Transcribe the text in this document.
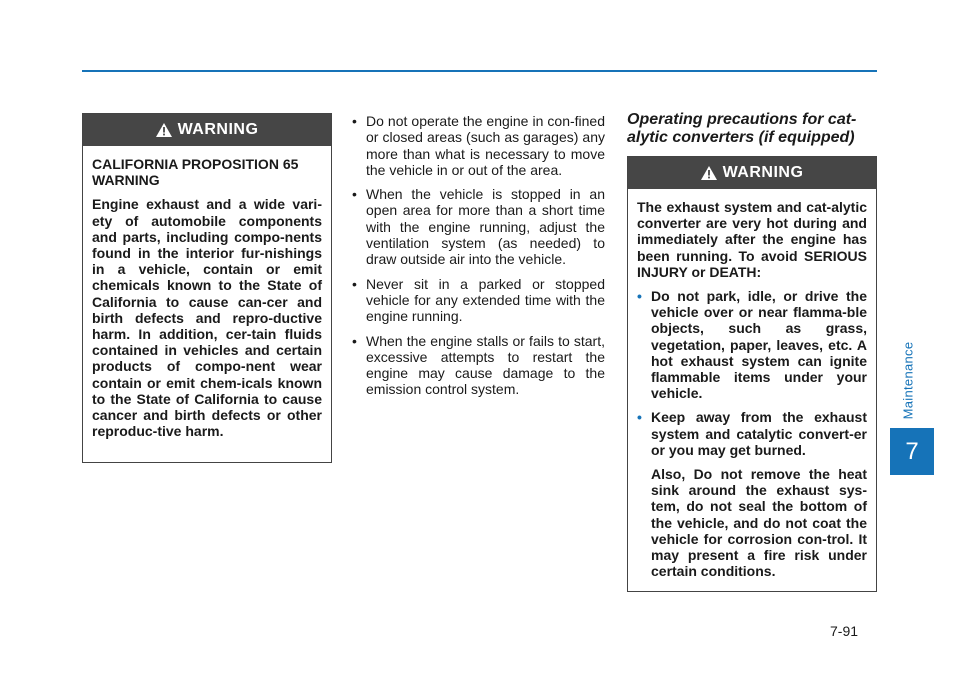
Maintenance
7
WARNING

CALIFORNIA PROPOSITION 65 WARNING

Engine exhaust and a wide vari-ety of automobile components and parts, including compo-nents found in the interior fur-nishings in a vehicle, contain or emit chemicals known to the State of California to cause can-cer and birth defects and repro-ductive harm. In addition, cer-tain fluids contained in vehicles and certain products of compo-nent wear contain or emit chem-icals known to the State of California to cause cancer and birth defects or other reproduc-tive harm.

• Do not operate the engine in con-fined or closed areas (such as garages) any more than what is necessary to move the vehicle in or out of the area.
• When the vehicle is stopped in an open area for more than a short time with the engine running, adjust the ventilation system (as needed) to draw outside air into the vehicle.
• Never sit in a parked or stopped vehicle for any extended time with the engine running.
• When the engine stalls or fails to start, excessive attempts to restart the engine may cause damage to the emission control system.
Operating precautions for cat-alytic converters (if equipped)
WARNING

The exhaust system and cat-alytic converter are very hot during and immediately after the engine has been running. To avoid SERIOUS INJURY or DEATH:

• Do not park, idle, or drive the vehicle over or near flamma-ble objects, such as grass, vegetation, paper, leaves, etc. A hot exhaust system can ignite flammable items under your vehicle.
• Keep away from the exhaust system and catalytic convert-er or you may get burned.

Also, Do not remove the heat sink around the exhaust sys-tem, do not seal the bottom of the vehicle, and do not coat the vehicle for corrosion con-trol. It may present a fire risk under certain conditions.

7-91
